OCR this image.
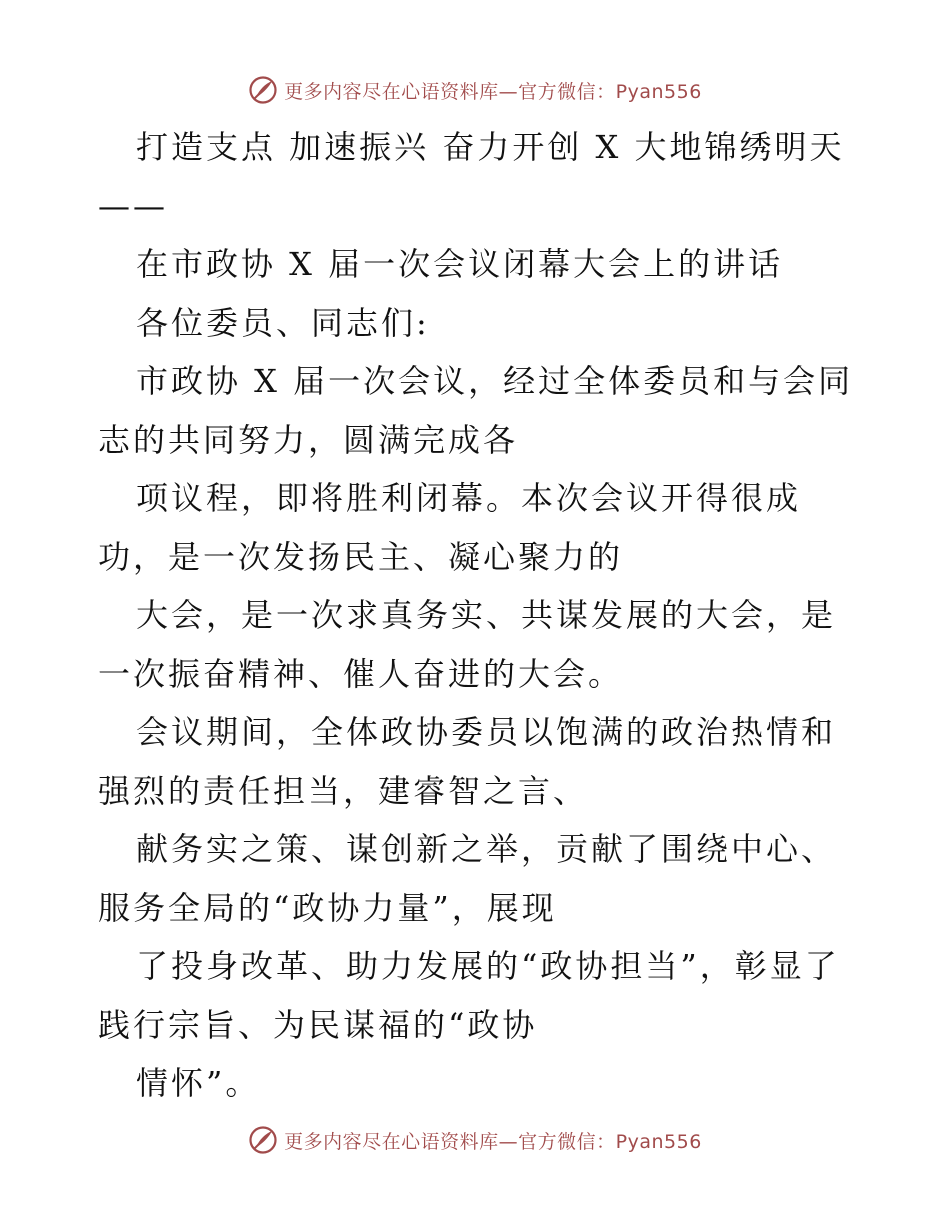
更多内容尽在心语资料库—官方微信：Pyan556

打造支点 加速振兴 奋力开创 X 大地锦绣明天——

在市政协 X 届一次会议闭幕大会上的讲话

各位委员、同志们:

市政协 X 届一次会议，经过全体委员和与会同志的共同努力，圆满完成各

项议程，即将胜利闭幕。本次会议开得很成功，是一次发扬民主、凝心聚力的

大会，是一次求真务实、共谋发展的大会，是一次振奋精神、催人奋进的大会。

会议期间，全体政协委员以饱满的政治热情和强烈的责任担当，建睿智之言、

献务实之策、谋创新之举，贡献了围绕中心、服务全局的“政协力量”，展现

了投身改革、助力发展的“政协担当”，彰显了践行宗旨、为民谋福的“政协

情怀”。

更多内容尽在心语资料库—官方微信：Pyan556
